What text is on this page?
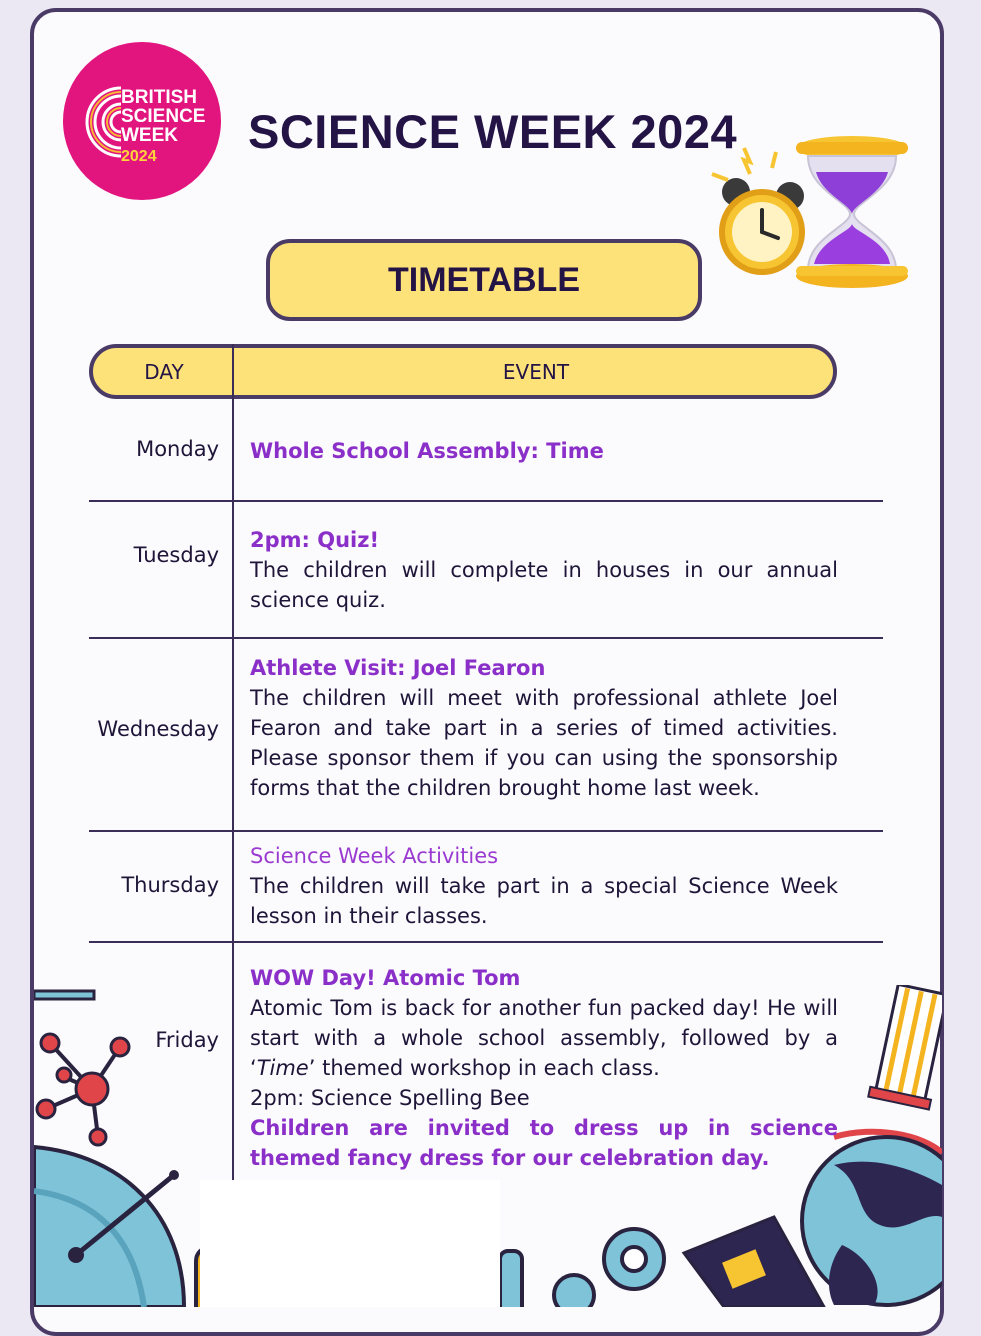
BRITISH
SCIENCE
WEEK
2024 SCIENCE WEEK 2024
TIMETABLE
DAY	EVENT
Monday Whole School Assembly: Time
Tuesday
2pm: Quiz!
The children will complete in houses in our annual science quiz.
Wednesday
Athlete Visit: Joel Fearon
The children will meet with professional athlete Joel Fearon and take part in a series of timed activities. Please sponsor them if you can using the sponsorship forms that the children brought home last week.
Thursday
Science Week Activities
The children will take part in a special Science Week lesson in their classes.
Friday
WOW Day! Atomic Tom
Atomic Tom is back for another fun packed day! He will start with a whole school assembly, followed by a ‘Time’ themed workshop in each class.
2pm: Science Spelling Bee
Children are invited to dress up in science themed fancy dress for our celebration day.
